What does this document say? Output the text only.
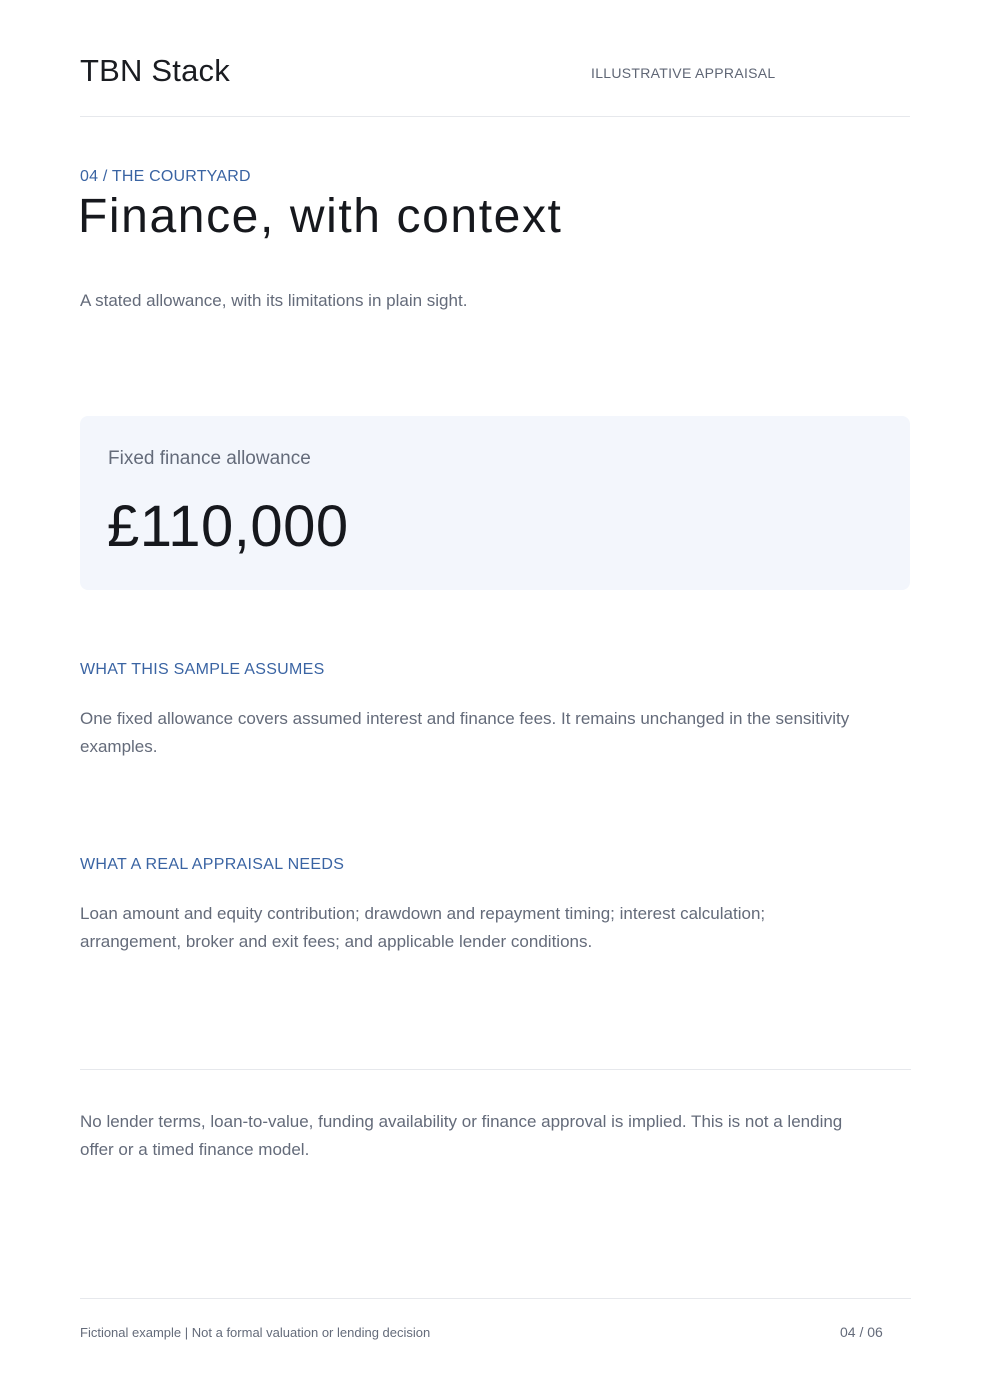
TBN Stack	ILLUSTRATIVE APPRAISAL
04 / THE COURTYARD
Finance, with context
A stated allowance, with its limitations in plain sight.
Fixed finance allowance
£110,000
WHAT THIS SAMPLE ASSUMES

One fixed allowance covers assumed interest and finance fees. It remains unchanged in the sensitivity examples.

WHAT A REAL APPRAISAL NEEDS

Loan amount and equity contribution; drawdown and repayment timing; interest calculation; arrangement, broker and exit fees; and applicable lender conditions.

No lender terms, loan-to-value, funding availability or finance approval is implied. This is not a lending offer or a timed finance model.

Fictional example | Not a formal valuation or lending decision	04 / 06
